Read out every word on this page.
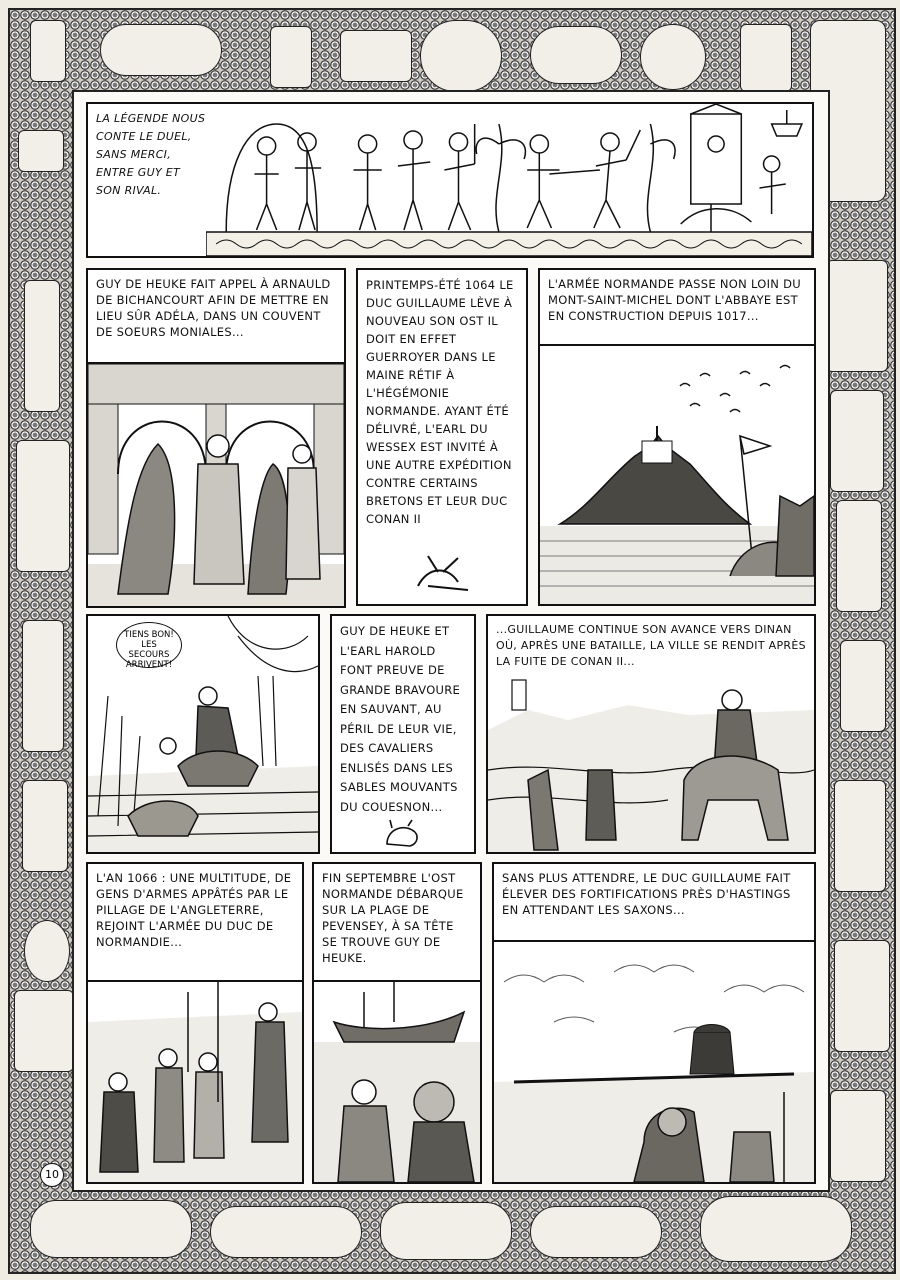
10
LA LÉGENDE NOUS CONTE LE DUEL, SANS MERCI, ENTRE GUY ET SON RIVAL.
GUY DE HEUKE FAIT APPEL À ARNAULD DE BICHANCOURT AFIN DE METTRE EN LIEU SÛR ADÉLA, DANS UN COUVENT DE SOEURS MONIALES...
PRINTEMPS-ÉTÉ 1064 LE DUC GUILLAUME LÈVE À NOUVEAU SON OST IL DOIT EN EFFET GUERROYER DANS LE MAINE RÉTIF À L'HÉGÉMONIE NORMANDE. AYANT ÉTÉ DÉLIVRÉ, L'EARL DU WESSEX EST INVITÉ À UNE AUTRE EXPÉDITION CONTRE CERTAINS BRETONS ET LEUR DUC CONAN II
L'ARMÉE NORMANDE PASSE NON LOIN DU MONT-SAINT-MICHEL DONT L'ABBAYE EST EN CONSTRUCTION DEPUIS 1017...
TIENS BON! LES SECOURS ARRIVENT!
GUY DE HEUKE ET L'EARL HAROLD FONT PREUVE DE GRANDE BRAVOURE EN SAUVANT, AU PÉRIL DE LEUR VIE, DES CAVALIERS ENLISÉS DANS LES SABLES MOUVANTS DU COUESNON...
...GUILLAUME CONTINUE SON AVANCE VERS DINAN OÙ, APRÈS UNE BATAILLE, LA VILLE SE RENDIT APRÈS LA FUITE DE CONAN II...
L'AN 1066 : UNE MULTITUDE, DE GENS D'ARMES APPÂTÉS PAR LE PILLAGE DE L'ANGLETERRE, REJOINT L'ARMÉE DU DUC DE NORMANDIE...
FIN SEPTEMBRE L'OST NORMANDE DÉBARQUE SUR LA PLAGE DE PEVENSEY, À SA TÊTE SE TROUVE GUY DE HEUKE.
SANS PLUS ATTENDRE, LE DUC GUILLAUME FAIT ÉLEVER DES FORTIFICATIONS PRÈS D'HASTINGS EN ATTENDANT LES SAXONS...
